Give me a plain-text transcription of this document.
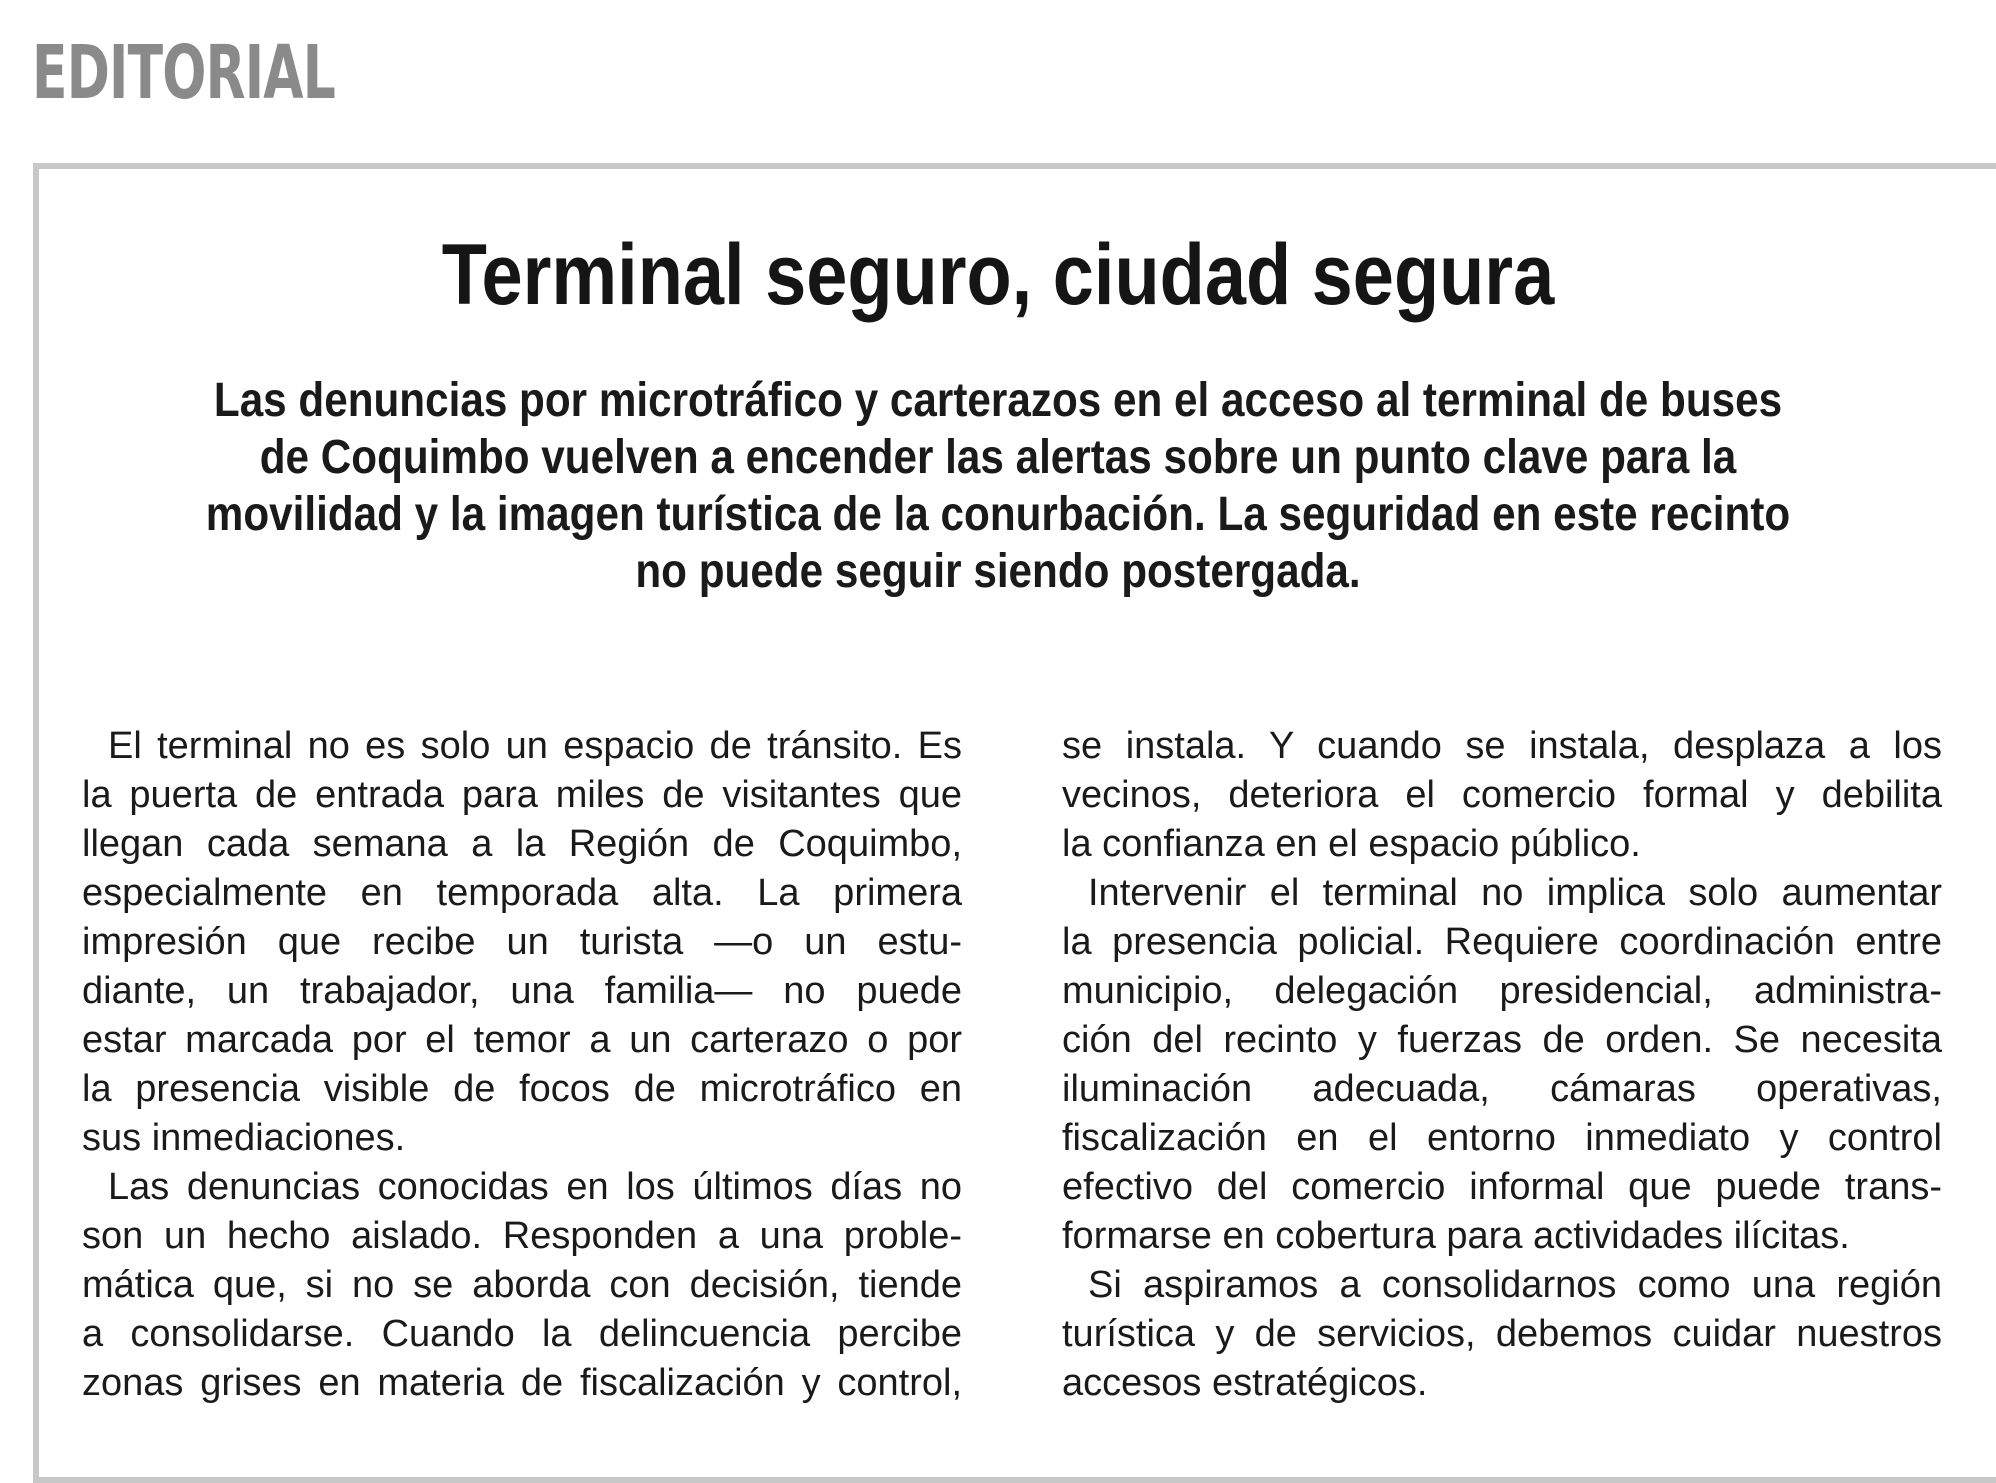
EDITORIAL
Terminal seguro, ciudad segura
Las denuncias por microtráfico y carterazos en el acceso al terminal de buses
de Coquimbo vuelven a encender las alertas sobre un punto clave para la
movilidad y la imagen turística de la conurbación. La seguridad en este recinto
no puede seguir siendo postergada.
El terminal no es solo un espacio de tránsito. Es
la puerta de entrada para miles de visitantes que
llegan cada semana a la Región de Coquimbo,
especialmente en temporada alta. La primera
impresión que recibe un turista —o un estu-
diante, un trabajador, una familia— no puede
estar marcada por el temor a un carterazo o por
la presencia visible de focos de microtráfico en
sus inmediaciones.
Las denuncias conocidas en los últimos días no
son un hecho aislado. Responden a una proble-
mática que, si no se aborda con decisión, tiende
a consolidarse. Cuando la delincuencia percibe
zonas grises en materia de fiscalización y control,
se instala. Y cuando se instala, desplaza a los
vecinos, deteriora el comercio formal y debilita
la confianza en el espacio público.
Intervenir el terminal no implica solo aumentar
la presencia policial. Requiere coordinación entre
municipio, delegación presidencial, administra-
ción del recinto y fuerzas de orden. Se necesita
iluminación adecuada, cámaras operativas,
fiscalización en el entorno inmediato y control
efectivo del comercio informal que puede trans-
formarse en cobertura para actividades ilícitas.
Si aspiramos a consolidarnos como una región
turística y de servicios, debemos cuidar nuestros
accesos estratégicos.
